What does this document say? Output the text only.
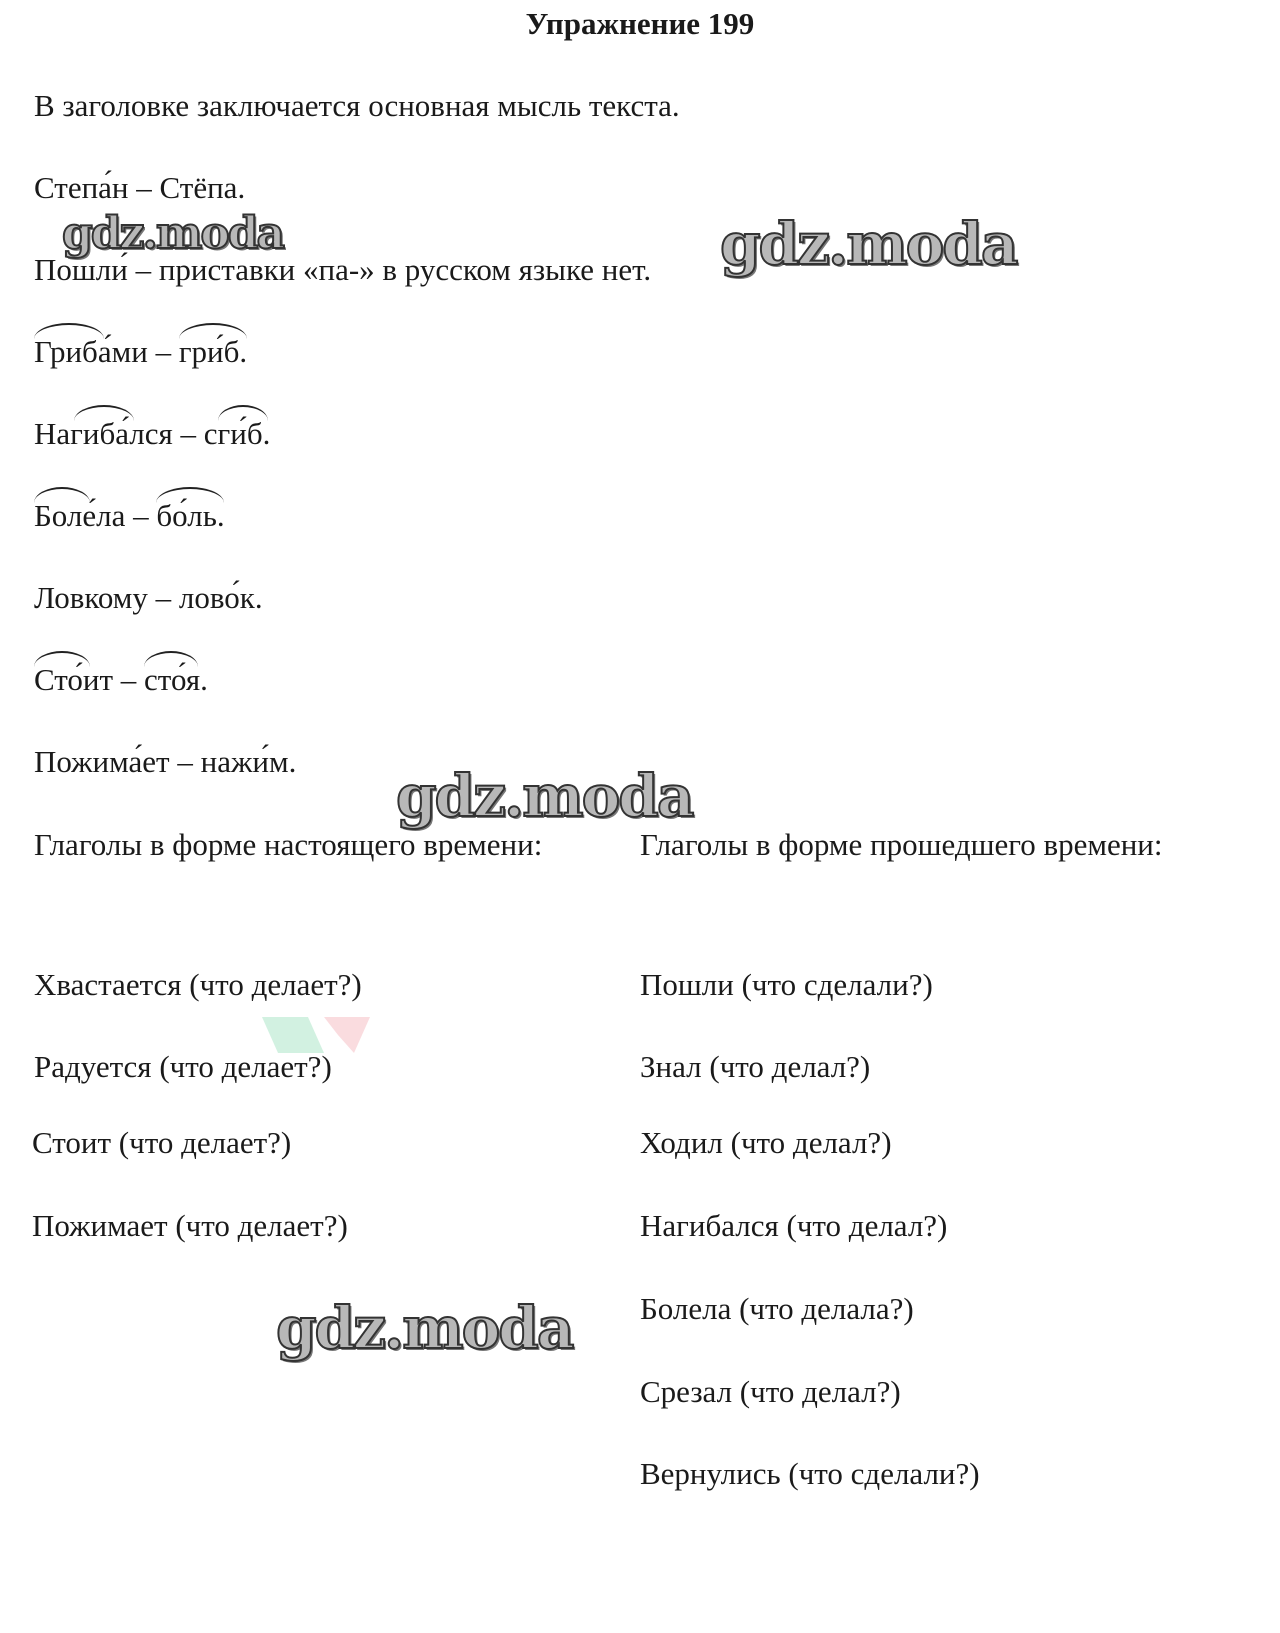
Упражнение 199
В заголовке заключается основная мысль текста.
Степа́н – Стёпа.
Пошли́ – приставки «па-» в русском языке нет.
Гриба́ми –
гри́б.
Нагиба́лся –
сги́б.
Боле́ла –
бо́ль.
Ловкому – лово́к.
Сто́ит –
сто́я.
Пожима́ет – нажи́м.
Глаголы в форме настоящего времени:	Глаголы в форме прошедшего времени:
Хвастается (что делает?)
Радуется (что делает?)
Стоит (что делает?)
Пожимает (что делает?)
Пошли (что сделали?)
Знал (что делал?)
Ходил (что делал?)
Нагибался (что делал?)
Болела (что делала?)
Срезал (что делал?)
Вернулись (что сделали?)
gdz.moda	gdz.moda
gdz.moda
gdz.moda
